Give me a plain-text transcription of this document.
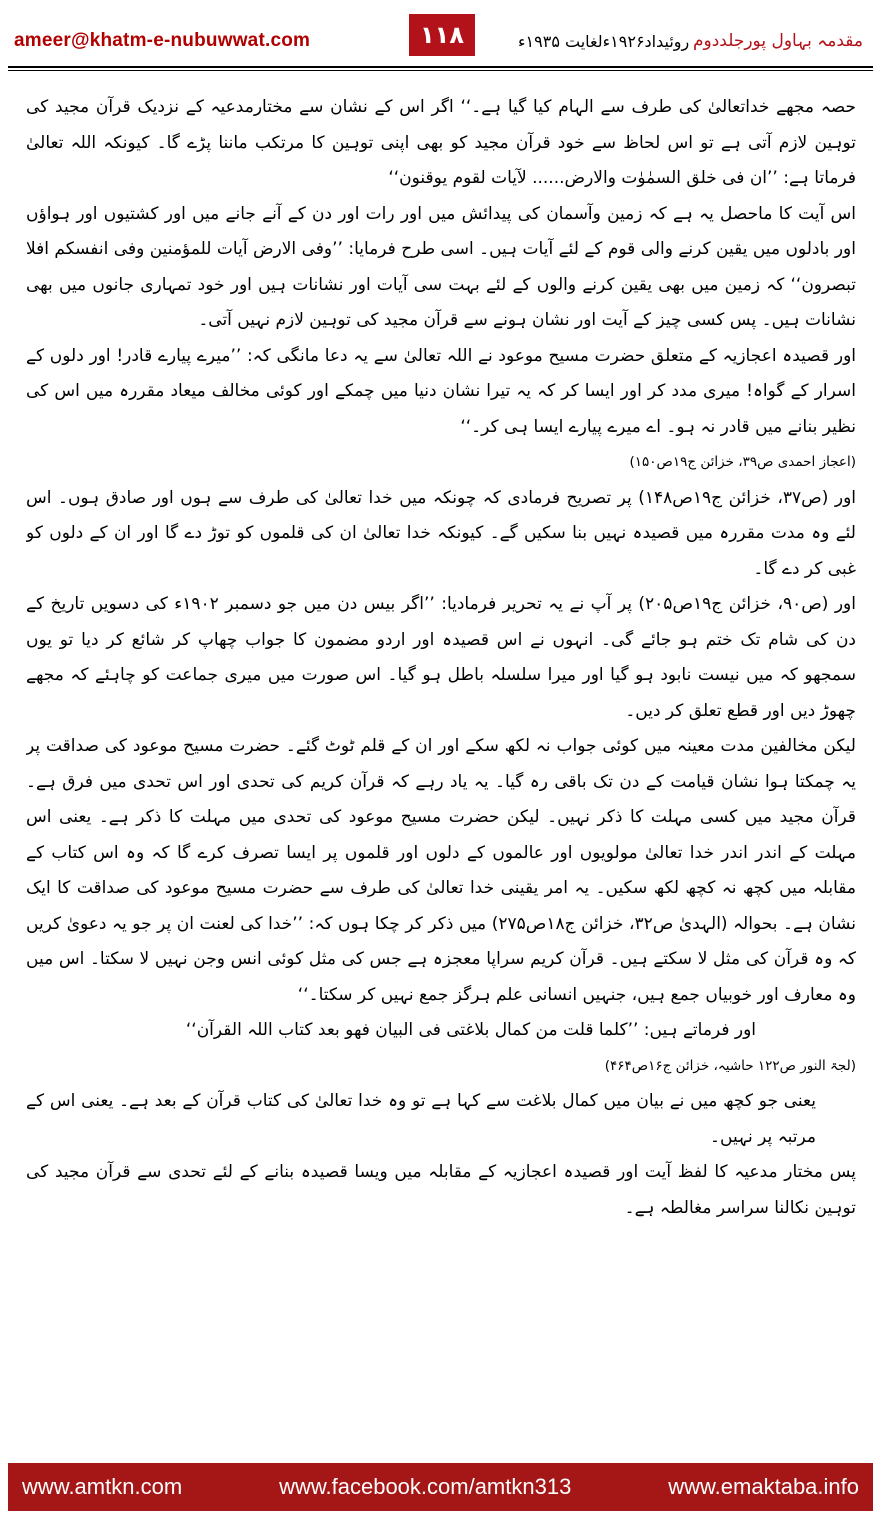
ameer@khatm-e-nubuwwat.com	۱۱۸	روئیداد۱۹۲۶ءلغایت ۱۹۳۵ء مقدمہ بہاول پورجلددوم

حصہ مجھے خداتعالیٰ کی طرف سے الہام کیا گیا ہے۔‘‘ اگر اس کے نشان سے مختارمدعیہ کے نزدیک قرآن مجید کی توہین لازم آتی ہے تو اس لحاظ سے خود قرآن مجید کو بھی اپنی توہین کا مرتکب ماننا پڑے گا۔ کیونکہ اللہ تعالیٰ فرماتا ہے: ’’ان فی خلق السمٰوٰت والارض...... لآیات لقوم یوقنون‘‘

اس آیت کا ماحصل یہ ہے کہ زمین وآسمان کی پیدائش میں اور رات اور دن کے آنے جانے میں اور کشتیوں اور ہواؤں اور بادلوں میں یقین کرنے والی قوم کے لئے آیات ہیں۔ اسی طرح فرمایا: ’’وفی الارض آیات للمؤمنین وفی انفسکم افلا تبصرون‘‘ کہ زمین میں بھی یقین کرنے والوں کے لئے بہت سی آیات اور نشانات ہیں اور خود تمہاری جانوں میں بھی نشانات ہیں۔ پس کسی چیز کے آیت اور نشان ہونے سے قرآن مجید کی توہین لازم نہیں آتی۔

اور قصیدہ اعجازیہ کے متعلق حضرت مسیح موعود نے اللہ تعالیٰ سے یہ دعا مانگی کہ: ’’میرے پیارے قادر! اور دلوں کے اسرار کے گواہ! میری مدد کر اور ایسا کر کہ یہ تیرا نشان دنیا میں چمکے اور کوئی مخالف میعاد مقررہ میں اس کی نظیر بنانے میں قادر نہ ہو۔ اے میرے پیارے ایسا ہی کر۔‘‘

(اعجاز احمدی ص۳۹، خزائن ج۱۹ص۱۵۰)

اور (ص۳۷، خزائن ج۱۹ص۱۴۸) پر تصریح فرمادی کہ چونکہ میں خدا تعالیٰ کی طرف سے ہوں اور صادق ہوں۔ اس لئے وہ مدت مقررہ میں قصیدہ نہیں بنا سکیں گے۔ کیونکہ خدا تعالیٰ ان کی قلموں کو توڑ دے گا اور ان کے دلوں کو غبی کر دے گا۔

اور (ص۹۰، خزائن ج۱۹ص۲۰۵) پر آپ نے یہ تحریر فرمادیا: ’’اگر بیس دن میں جو دسمبر ۱۹۰۲ء کی دسویں تاریخ کے دن کی شام تک ختم ہو جائے گی۔ انہوں نے اس قصیدہ اور اردو مضمون کا جواب چھاپ کر شائع کر دیا تو یوں سمجھو کہ میں نیست نابود ہو گیا اور میرا سلسلہ باطل ہو گیا۔ اس صورت میں میری جماعت کو چاہئے کہ مجھے چھوڑ دیں اور قطع تعلق کر دیں۔

لیکن مخالفین مدت معینہ میں کوئی جواب نہ لکھ سکے اور ان کے قلم ٹوٹ گئے۔ حضرت مسیح موعود کی صداقت پر یہ چمکتا ہوا نشان قیامت کے دن تک باقی رہ گیا۔ یہ یاد رہے کہ قرآن کریم کی تحدی اور اس تحدی میں فرق ہے۔ قرآن مجید میں کسی مہلت کا ذکر نہیں۔ لیکن حضرت مسیح موعود کی تحدی میں مہلت کا ذکر ہے۔ یعنی اس مہلت کے اندر اندر خدا تعالیٰ مولویوں اور عالموں کے دلوں اور قلموں پر ایسا تصرف کرے گا کہ وہ اس کتاب کے مقابلہ میں کچھ نہ کچھ لکھ سکیں۔ یہ امر یقینی خدا تعالیٰ کی طرف سے حضرت مسیح موعود کی صداقت کا ایک نشان ہے۔ بحوالہ (الہدیٰ ص۳۲، خزائن ج۱۸ص۲۷۵) میں ذکر کر چکا ہوں کہ: ’’خدا کی لعنت ان پر جو یہ دعویٰ کریں کہ وہ قرآن کی مثل لا سکتے ہیں۔ قرآن کریم سراپا معجزہ ہے جس کی مثل کوئی انس وجن نہیں لا سکتا۔ اس میں وہ معارف اور خوبیاں جمع ہیں، جنہیں انسانی علم ہرگز جمع نہیں کر سکتا۔‘‘

اور فرماتے ہیں: ’’کلما قلت من کمال بلاغتی فی البیان فھو بعد کتاب اللہ القرآن‘‘

(لجۃ النور ص۱۲۲ حاشیہ، خزائن ج۱۶ص۴۶۴)

یعنی جو کچھ میں نے بیان میں کمال بلاغت سے کہا ہے تو وہ خدا تعالیٰ کی کتاب قرآن کے بعد ہے۔ یعنی اس کے مرتبہ پر نہیں۔

پس مختار مدعیہ کا لفظ آیت اور قصیدہ اعجازیہ کے مقابلہ میں ویسا قصیدہ بنانے کے لئے تحدی سے قرآن مجید کی توہین نکالنا سراسر مغالطہ ہے۔

www.amtkn.com	www.facebook.com/amtkn313	www.emaktaba.info
